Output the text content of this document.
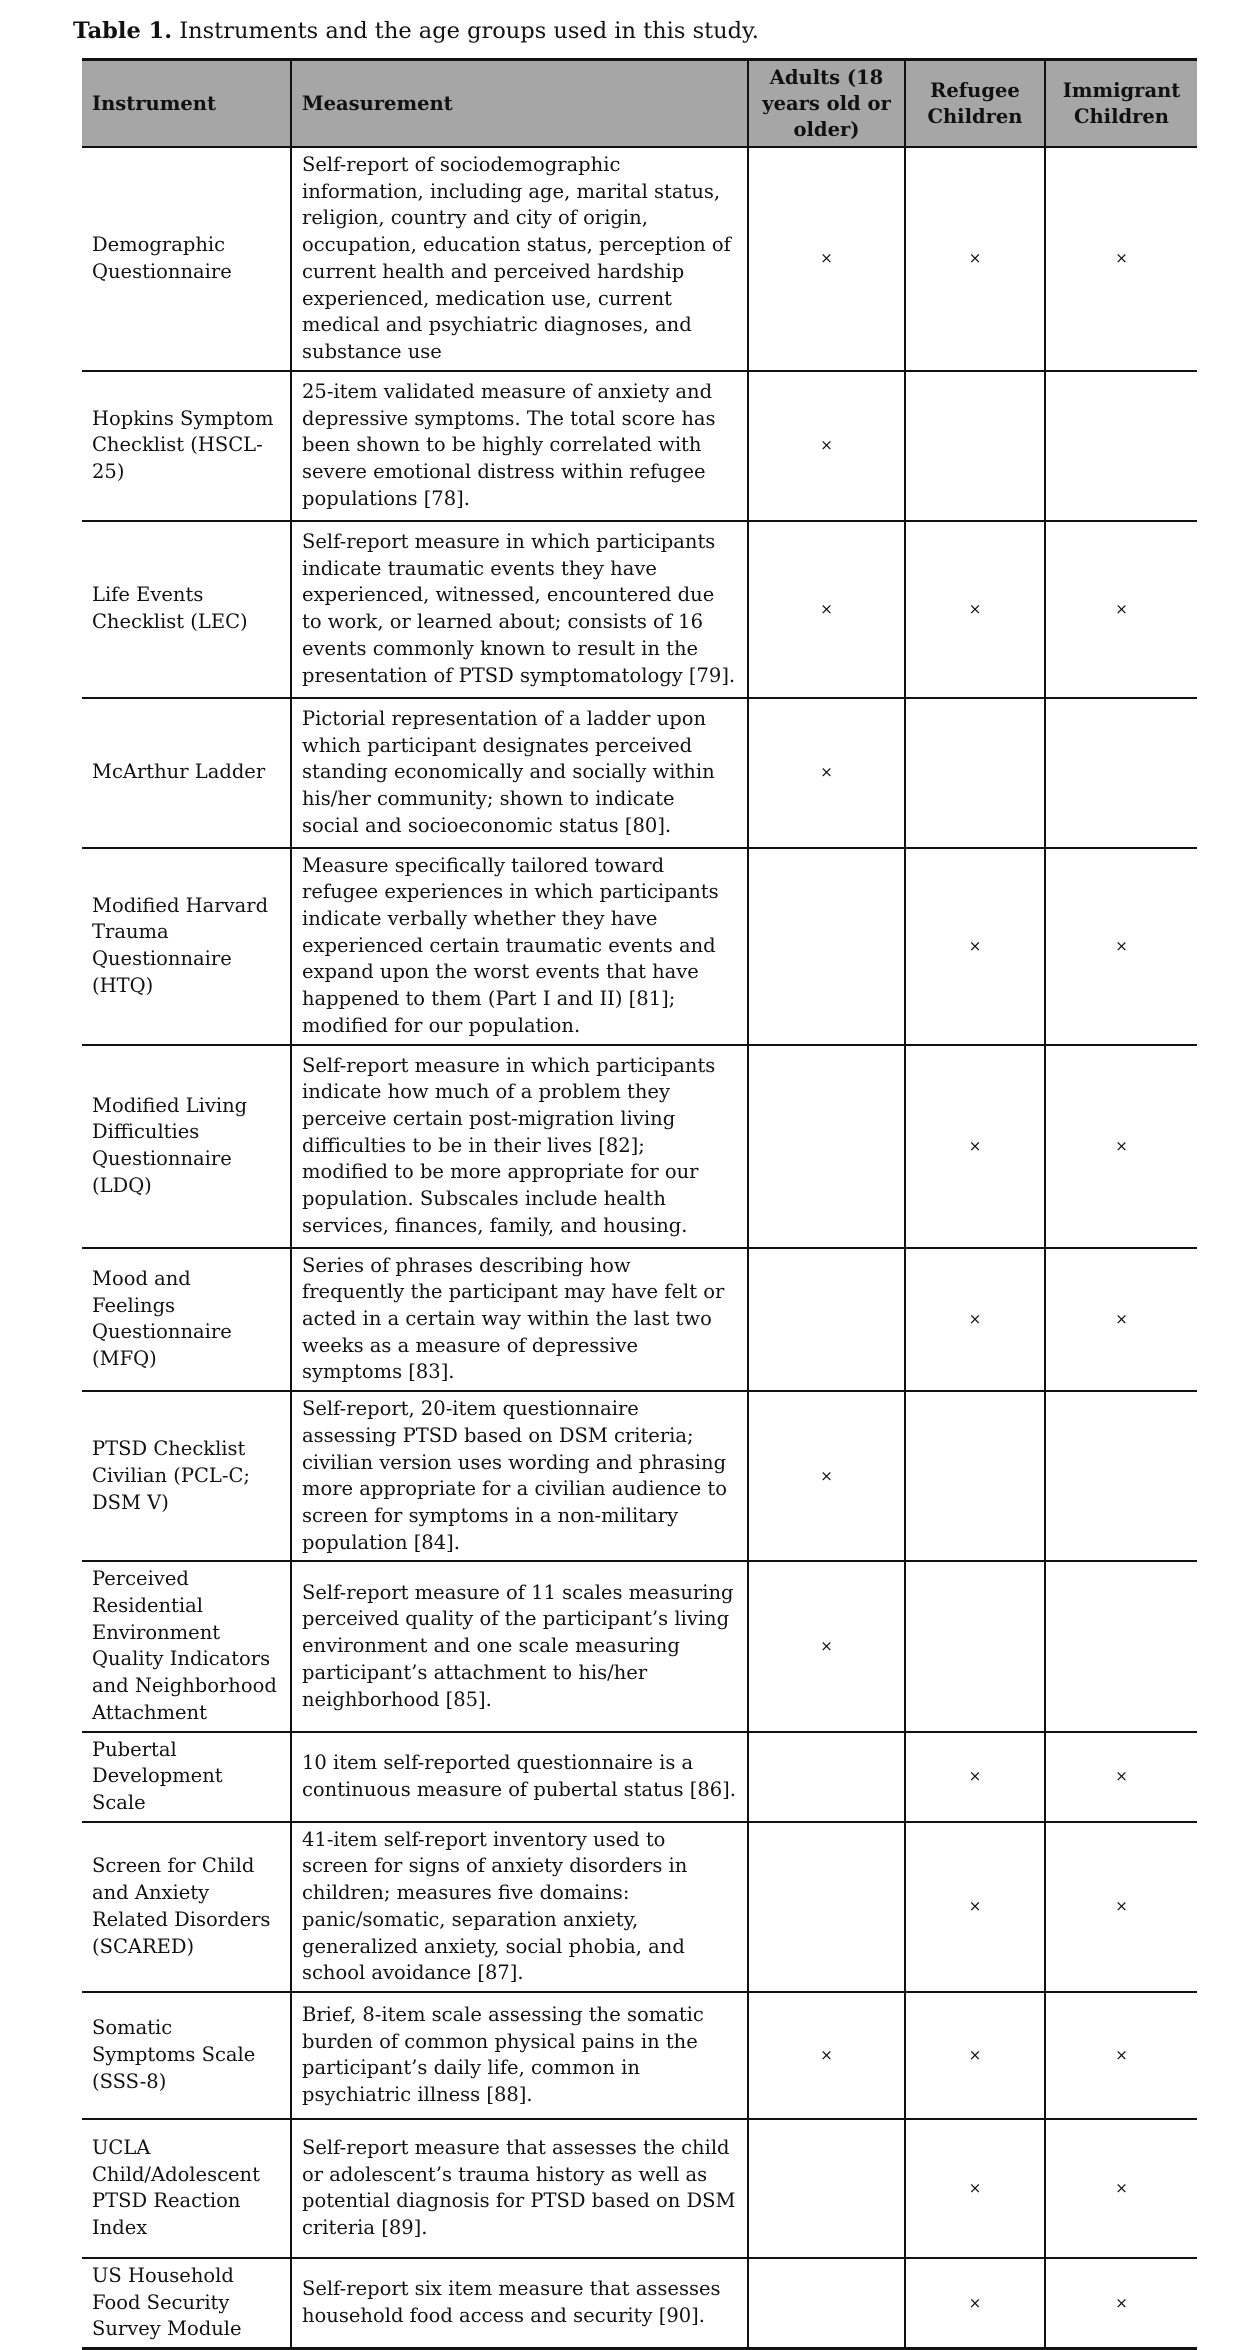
Table 1. Instruments and the age groups used in this study.
Instrument	Measurement	Adults (18 years old or older)	Refugee Children	Immigrant Children
Demographic Questionnaire	Self-report of sociodemographic information, including age, marital status, religion, country and city of origin, occupation, education status, perception of current health and perceived hardship experienced, medication use, current medical and psychiatric diagnoses, and substance use	×	×	×
Hopkins Symptom Checklist (HSCL-25)	25-item validated measure of anxiety and depressive symptoms. The total score has been shown to be highly correlated with severe emotional distress within refugee populations [78].	×		
Life Events Checklist (LEC)	Self-report measure in which participants indicate traumatic events they have experienced, witnessed, encountered due to work, or learned about; consists of 16 events commonly known to result in the presentation of PTSD symptomatology [79].	×	×	×
McArthur Ladder	Pictorial representation of a ladder upon which participant designates perceived standing economically and socially within his/her community; shown to indicate social and socioeconomic status [80].	×		
Modified Harvard Trauma Questionnaire (HTQ)	Measure specifically tailored toward refugee experiences in which participants indicate verbally whether they have experienced certain traumatic events and expand upon the worst events that have happened to them (Part I and II) [81]; modified for our population.		×	×
Modified Living Difficulties Questionnaire (LDQ)	Self-report measure in which participants indicate how much of a problem they perceive certain post-migration living difficulties to be in their lives [82]; modified to be more appropriate for our population. Subscales include health services, finances, family, and housing.		×	×
Mood and Feelings Questionnaire (MFQ)	Series of phrases describing how frequently the participant may have felt or acted in a certain way within the last two weeks as a measure of depressive symptoms [83].		×	×
PTSD Checklist Civilian (PCL-C; DSM V)	Self-report, 20-item questionnaire assessing PTSD based on DSM criteria; civilian version uses wording and phrasing more appropriate for a civilian audience to screen for symptoms in a non-military population [84].	×		
Perceived Residential Environment Quality Indicators and Neighborhood Attachment	Self-report measure of 11 scales measuring perceived quality of the participant’s living environment and one scale measuring participant’s attachment to his/her neighborhood [85].	×		
Pubertal Development Scale	10 item self-reported questionnaire is a continuous measure of pubertal status [86].		×	×
Screen for Child and Anxiety Related Disorders (SCARED)	41-item self-report inventory used to screen for signs of anxiety disorders in children; measures five domains: panic/somatic, separation anxiety, generalized anxiety, social phobia, and school avoidance [87].		×	×
Somatic Symptoms Scale (SSS-8)	Brief, 8-item scale assessing the somatic burden of common physical pains in the participant’s daily life, common in psychiatric illness [88].	×	×	×
UCLA Child/Adolescent PTSD Reaction Index	Self-report measure that assesses the child or adolescent’s trauma history as well as potential diagnosis for PTSD based on DSM criteria [89].		×	×
US Household Food Security Survey Module	Self-report six item measure that assesses household food access and security [90].		×	×
